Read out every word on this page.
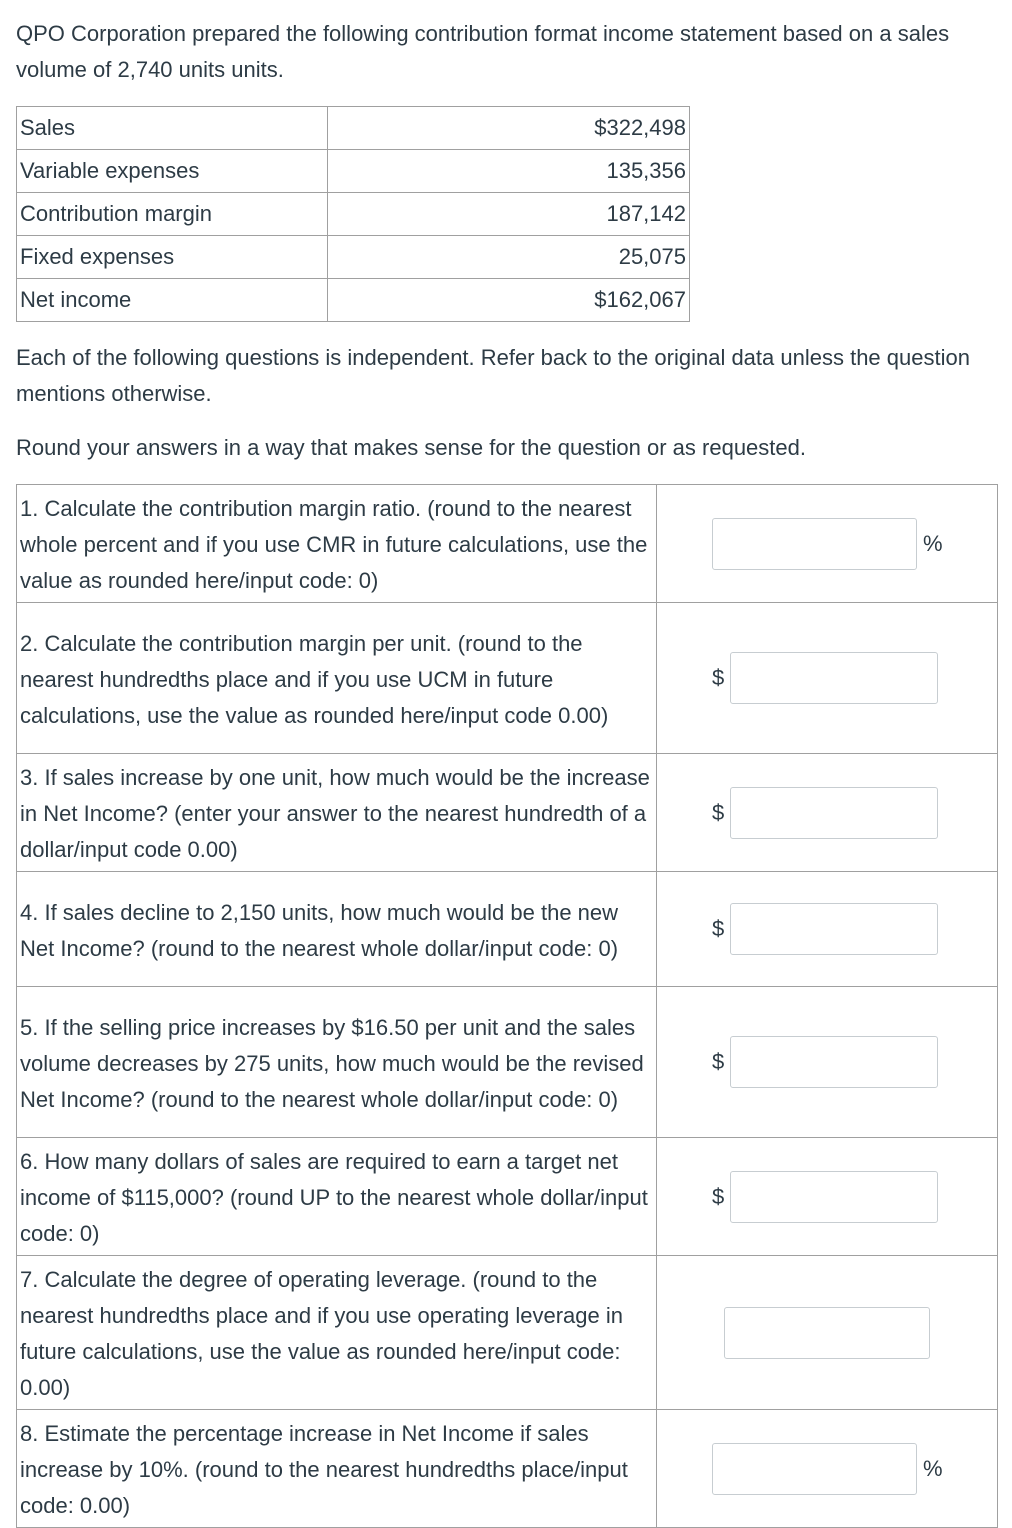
QPO Corporation prepared the following contribution format income statement based on a sales volume of 2,740 units units.

Sales	$322,498
Variable expenses	135,356
Contribution margin	187,142
Fixed expenses	25,075
Net income	$162,067

Each of the following questions is independent. Refer back to the original data unless the question mentions otherwise.

Round your answers in a way that makes sense for the question or as requested.

1. Calculate the contribution margin ratio. (round to the nearest whole percent and if you use CMR in future calculations, use the value as rounded here/input code: 0)	%

2. Calculate the contribution margin per unit. (round to the nearest hundredths place and if you use UCM in future calculations, use the value as rounded here/input code 0.00)	$

3. If sales increase by one unit, how much would be the increase in Net Income? (enter your answer to the nearest hundredth of a dollar/input code 0.00)	$

4. If sales decline to 2,150 units, how much would be the new Net Income? (round to the nearest whole dollar/input code: 0)	$

5. If the selling price increases by $16.50 per unit and the sales volume decreases by 275 units, how much would be the revised Net Income? (round to the nearest whole dollar/input code: 0)	$

6. How many dollars of sales are required to earn a target net income of $115,000? (round UP to the nearest whole dollar/input code: 0)	$

7. Calculate the degree of operating leverage. (round to the nearest hundredths place and if you use operating leverage in future calculations, use the value as rounded here/input code: 0.00)	

8. Estimate the percentage increase in Net Income if sales increase by 10%. (round to the nearest hundredths place/input code: 0.00)	%
